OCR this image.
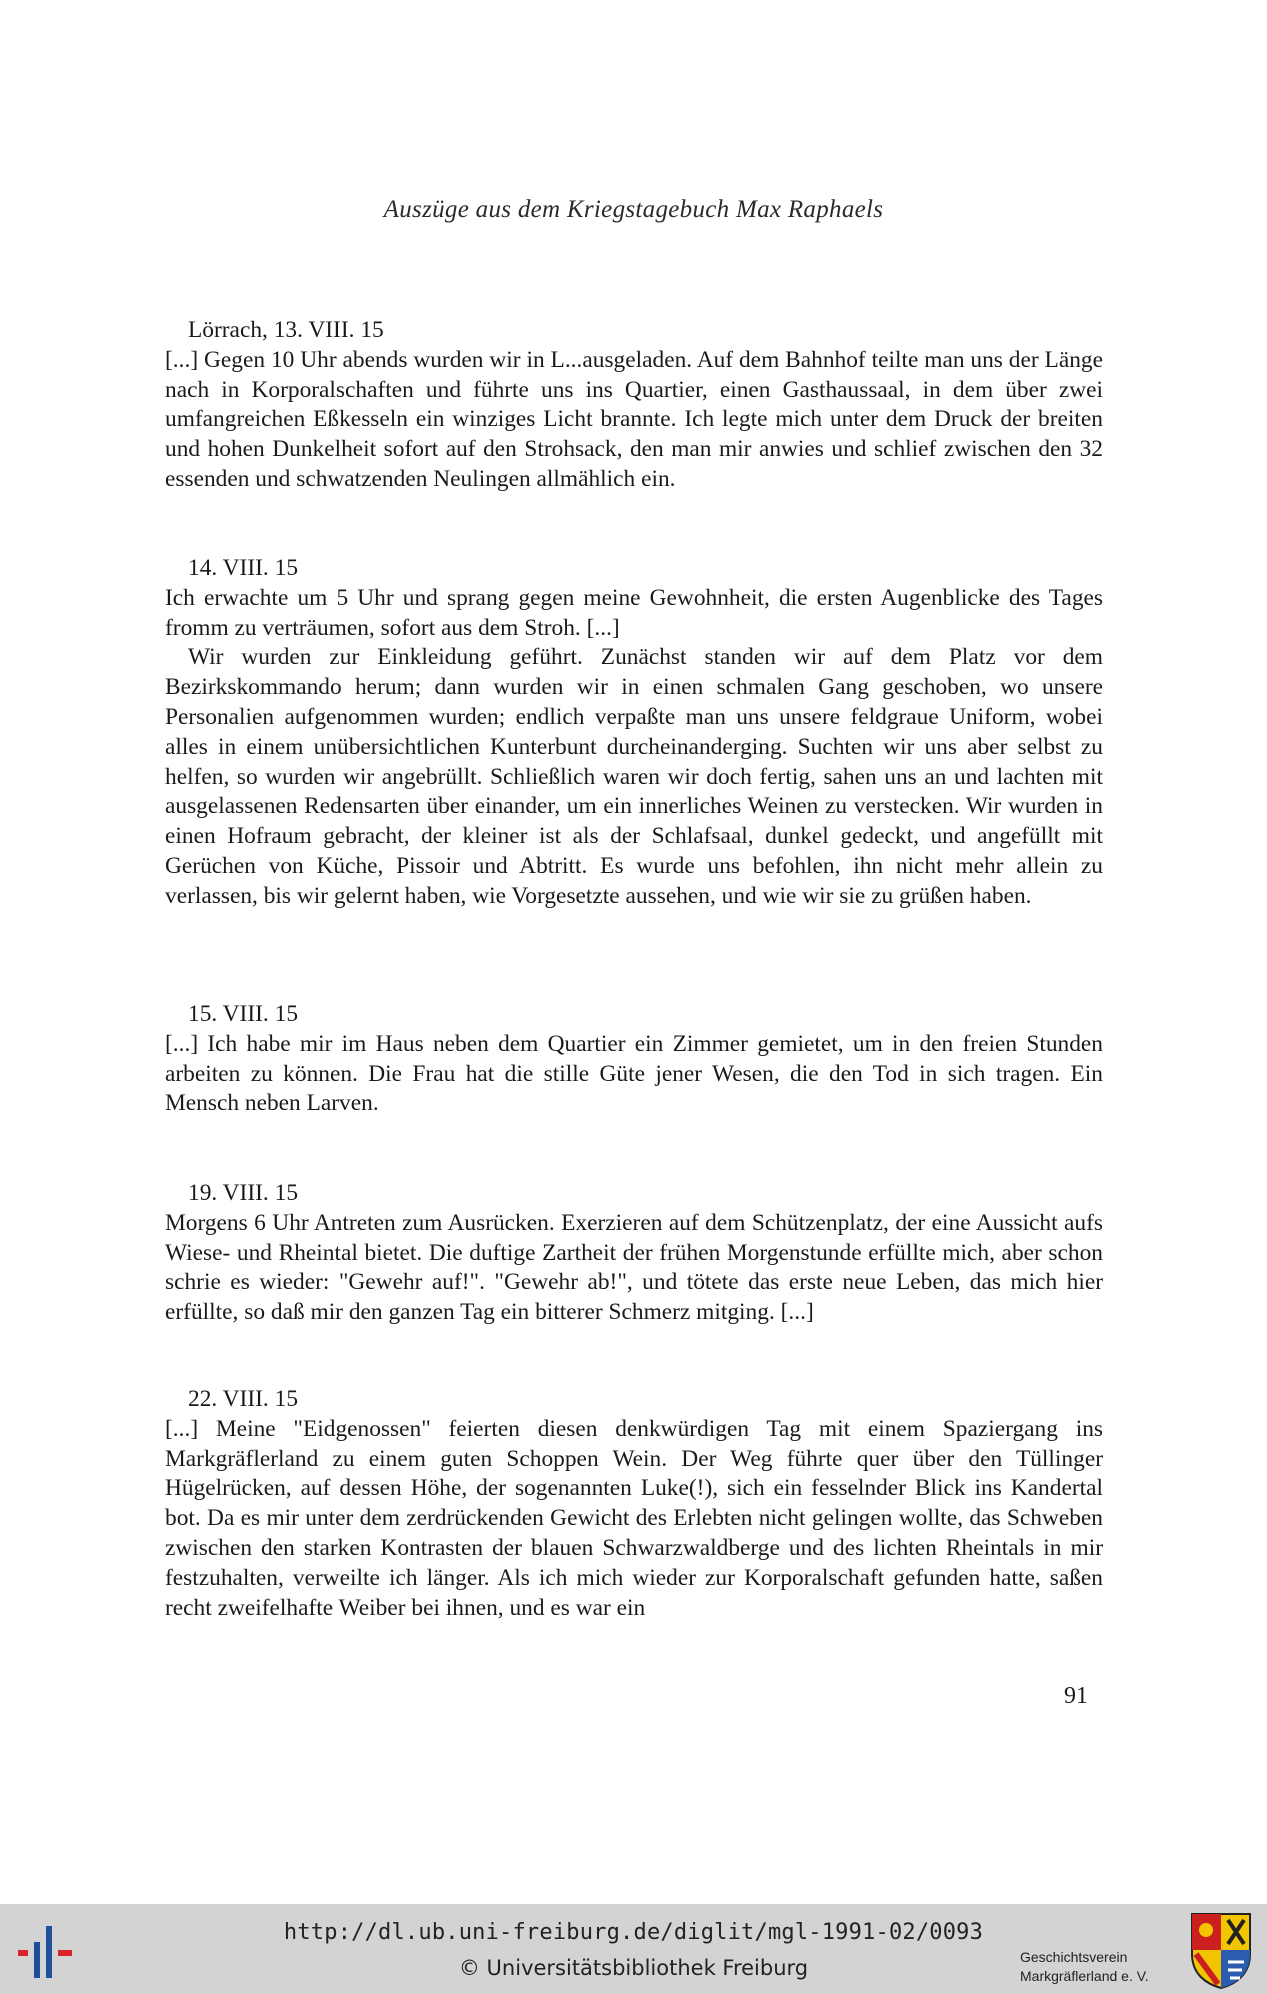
Auszüge aus dem Kriegstagebuch Max Raphaels
Lörrach, 13. VIII. 15

[...] Gegen 10 Uhr abends wurden wir in L...ausgeladen. Auf dem Bahnhof teilte man uns der Länge nach in Korporalschaften und führte uns ins Quartier, einen Gasthaussaal, in dem über zwei umfangreichen Eßkesseln ein winziges Licht brannte. Ich legte mich unter dem Druck der breiten und hohen Dunkelheit sofort auf den Strohsack, den man mir anwies und schlief zwischen den 32 essenden und schwatzenden Neulingen allmählich ein.

14. VIII. 15

Ich erwachte um 5 Uhr und sprang gegen meine Gewohnheit, die ersten Augenblicke des Tages fromm zu verträumen, sofort aus dem Stroh. [...]

Wir wurden zur Einkleidung geführt. Zunächst standen wir auf dem Platz vor dem Bezirkskommando herum; dann wurden wir in einen schmalen Gang geschoben, wo unsere Personalien aufgenommen wurden; endlich verpaßte man uns unsere feldgraue Uniform, wobei alles in einem unübersichtlichen Kunterbunt durcheinanderging. Suchten wir uns aber selbst zu helfen, so wurden wir angebrüllt. Schließlich waren wir doch fertig, sahen uns an und lachten mit ausgelassenen Redensarten über einander, um ein innerliches Weinen zu verstecken. Wir wurden in einen Hofraum gebracht, der kleiner ist als der Schlafsaal, dunkel gedeckt, und angefüllt mit Gerüchen von Küche, Pissoir und Abtritt. Es wurde uns befohlen, ihn nicht mehr allein zu verlassen, bis wir gelernt haben, wie Vorgesetzte aussehen, und wie wir sie zu grüßen haben.

15. VIII. 15

[...] Ich habe mir im Haus neben dem Quartier ein Zimmer gemietet, um in den freien Stunden arbeiten zu können. Die Frau hat die stille Güte jener Wesen, die den Tod in sich tragen. Ein Mensch neben Larven.

19. VIII. 15

Morgens 6 Uhr Antreten zum Ausrücken. Exerzieren auf dem Schützenplatz, der eine Aussicht aufs Wiese- und Rheintal bietet. Die duftige Zartheit der frühen Morgenstunde erfüllte mich, aber schon schrie es wieder: "Gewehr auf!". "Gewehr ab!", und tötete das erste neue Leben, das mich hier erfüllte, so daß mir den ganzen Tag ein bitterer Schmerz mitging. [...]

22. VIII. 15

[...] Meine "Eidgenossen" feierten diesen denkwürdigen Tag mit einem Spaziergang ins Markgräflerland zu einem guten Schoppen Wein. Der Weg führte quer über den Tüllinger Hügelrücken, auf dessen Höhe, der sogenannten Luke(!), sich ein fesselnder Blick ins Kandertal bot. Da es mir unter dem zerdrückenden Gewicht des Erlebten nicht gelingen wollte, das Schweben zwischen den starken Kontrasten der blauen Schwarzwaldberge und des lichten Rheintals in mir festzuhalten, verweilte ich länger. Als ich mich wieder zur Korporalschaft gefunden hatte, saßen recht zweifelhafte Weiber bei ihnen, und es war ein

91
http://dl.ub.uni-freiburg.de/diglit/mgl-1991-02/0093
© Universitätsbibliothek Freiburg	Geschichtsverein
Markgräflerland e. V.
